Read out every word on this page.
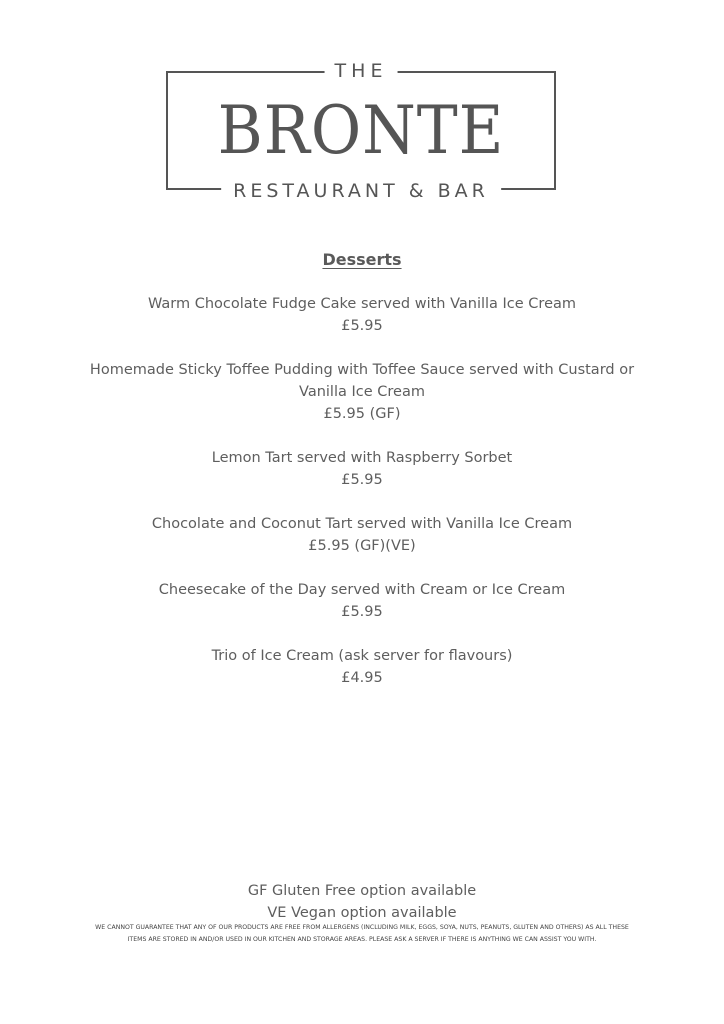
THE
BRONTE
RESTAURANT & BAR
Desserts
Warm Chocolate Fudge Cake served with Vanilla Ice Cream
£5.95
Homemade Sticky Toffee Pudding with Toffee Sauce served with Custard or Vanilla Ice Cream
£5.95 (GF)
Lemon Tart served with Raspberry Sorbet
£5.95
Chocolate and Coconut Tart served with Vanilla Ice Cream
£5.95 (GF)(VE)
Cheesecake of the Day served with Cream or Ice Cream
£5.95
Trio of Ice Cream (ask server for flavours)
£4.95
GF Gluten Free option available
VE Vegan option available
WE CANNOT GUARANTEE THAT ANY OF OUR PRODUCTS ARE FREE FROM ALLERGENS (INCLUDING MILK, EGGS, SOYA, NUTS, PEANUTS, GLUTEN AND OTHERS) AS ALL THESE ITEMS ARE STORED IN AND/OR USED IN OUR KITCHEN AND STORAGE AREAS. PLEASE ASK A SERVER IF THERE IS ANYTHING WE CAN ASSIST YOU WITH.
